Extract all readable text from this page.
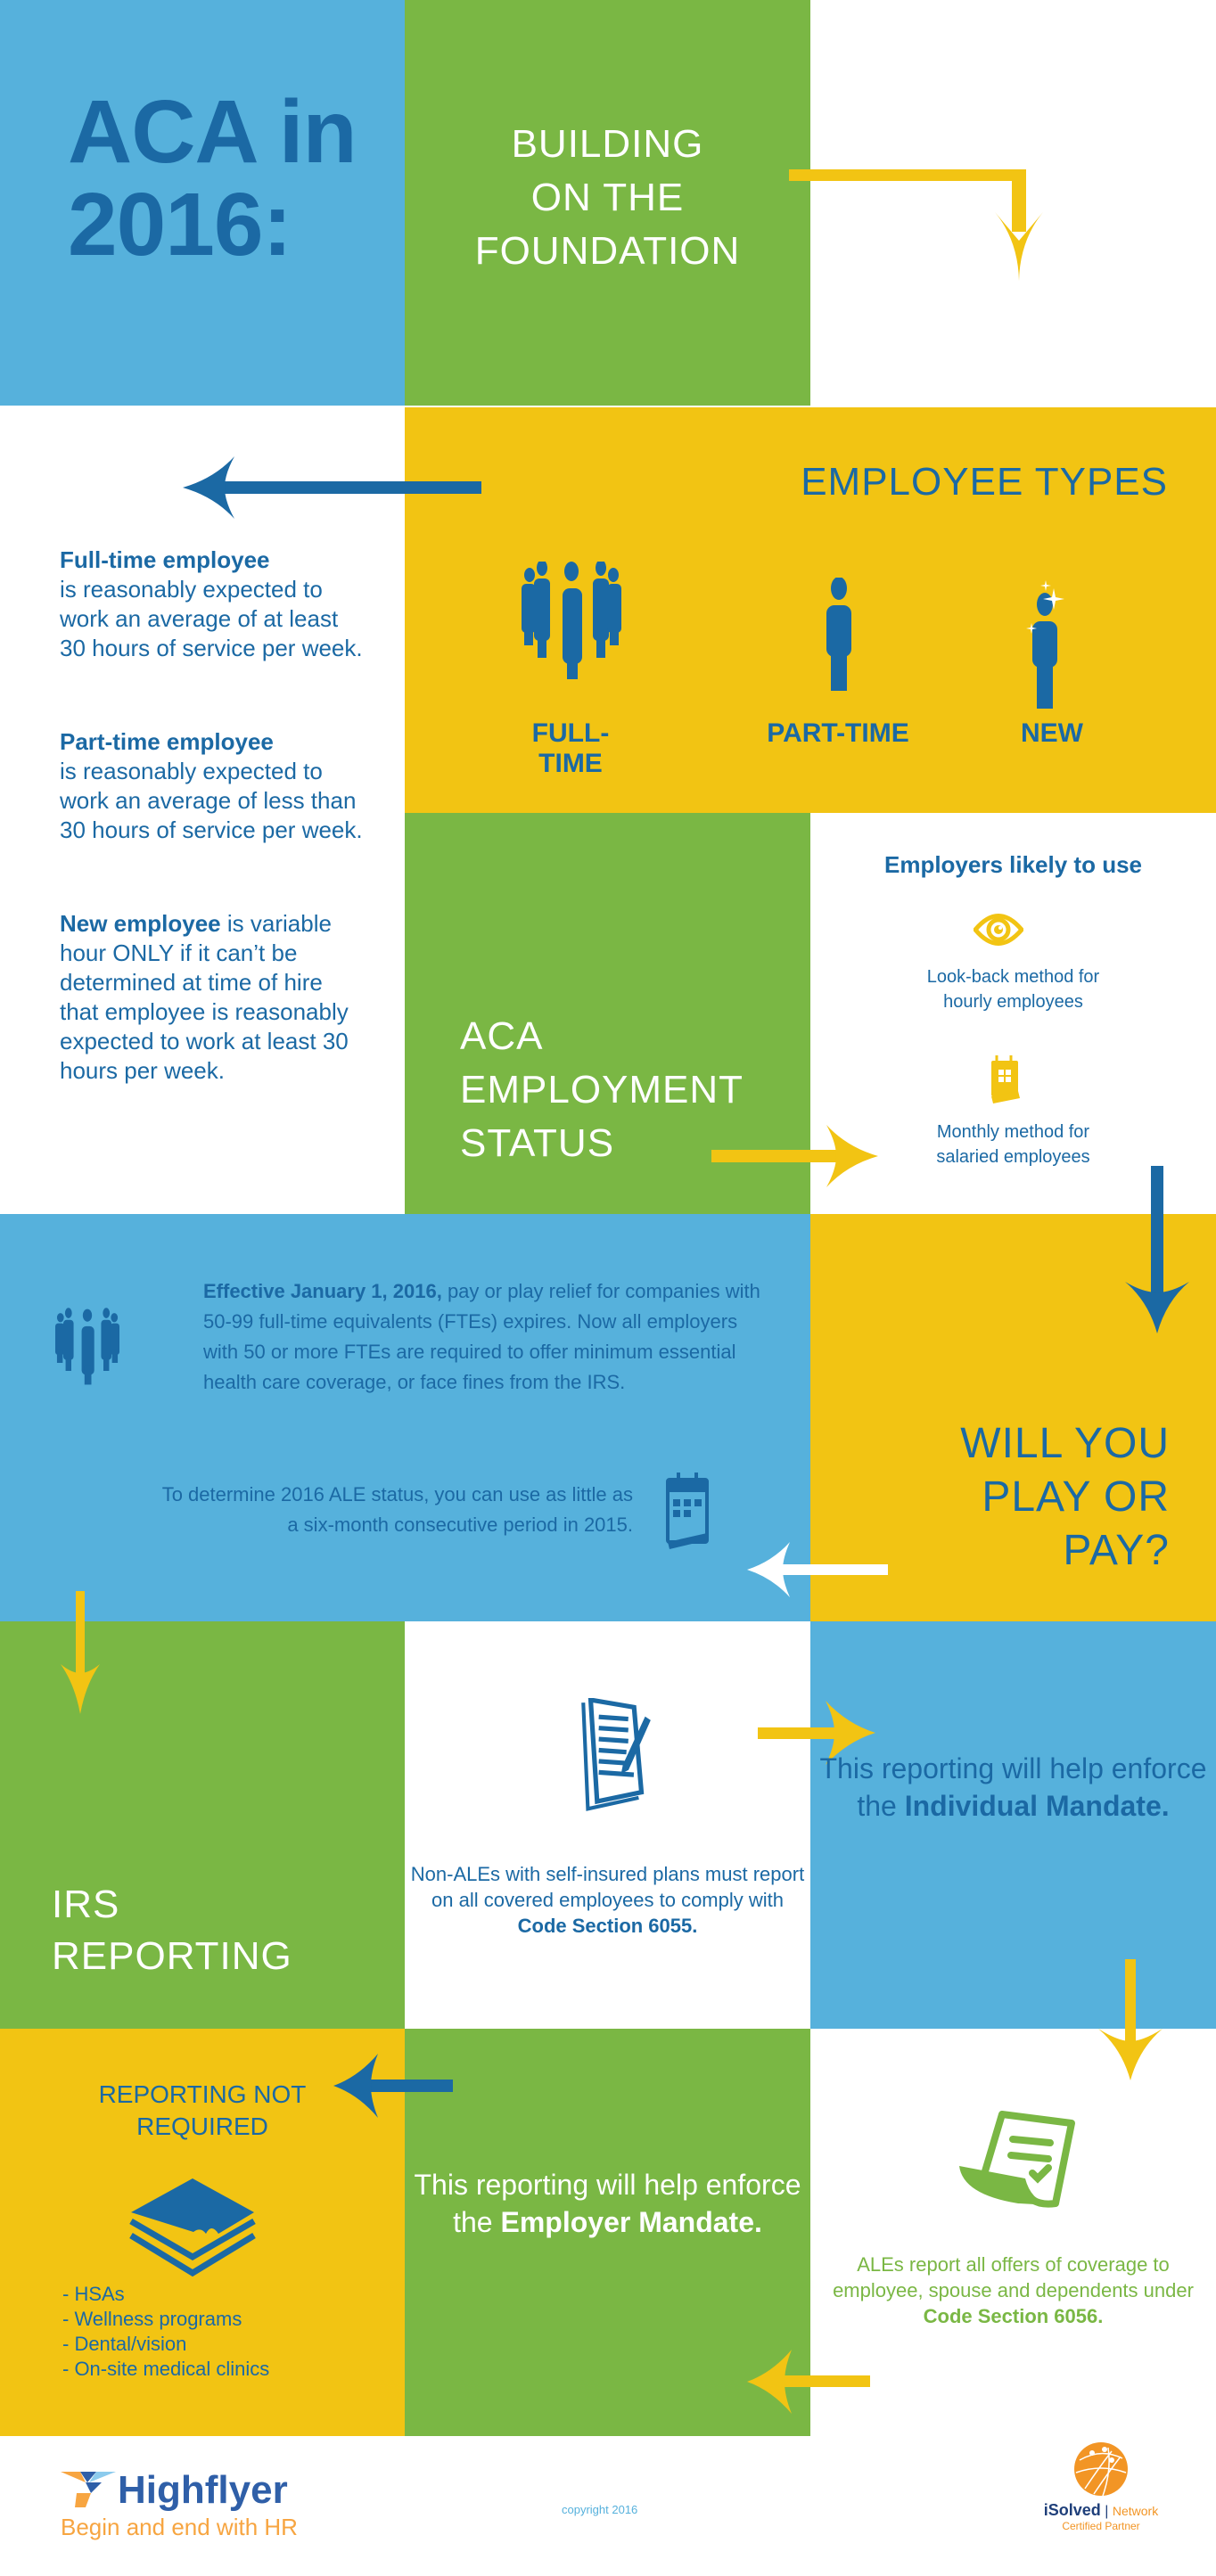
ACA in
2016:
BUILDING
ON THE
FOUNDATION
EMPLOYEE TYPES
FULL-TIME
PART-TIME	NEW
Full-time employee
is reasonably expected to work an average of at least 30 hours of service per week.
Part-time employee
is reasonably expected to work an average of less than 30 hours of service per week.
New employee is variable hour ONLY if it can’t be determined at time of hire that employee is reasonably expected to work at least 30 hours per week.
ACA
EMPLOYMENT
STATUS
Employers likely to use
Look-back method for
hourly employees
Monthly method for
salaried employees
Effective January 1, 2016, pay or play relief for companies with 50-99 full-time equivalents (FTEs) expires. Now all employers with 50 or more FTEs are required to offer minimum essential health care coverage, or face fines from the IRS.
To determine 2016 ALE status, you can use as little as
a six-month consecutive period in 2015.
WILL YOU
PLAY OR
PAY?
IRS
REPORTING
Non-ALEs with self-insured plans must report on all covered employees to comply with Code Section 6055.
This reporting will help enforce the Individual Mandate.
REPORTING NOT
REQUIRED
- HSAs
- Wellness programs
- Dental/vision
- On-site medical clinics
This reporting will help enforce the Employer Mandate.
ALEs report all offers of coverage to employee, spouse and dependents under Code Section 6056.
Highflyer
Begin and end with HR
copyright 2016	iSolved | Network
Certified Partner
